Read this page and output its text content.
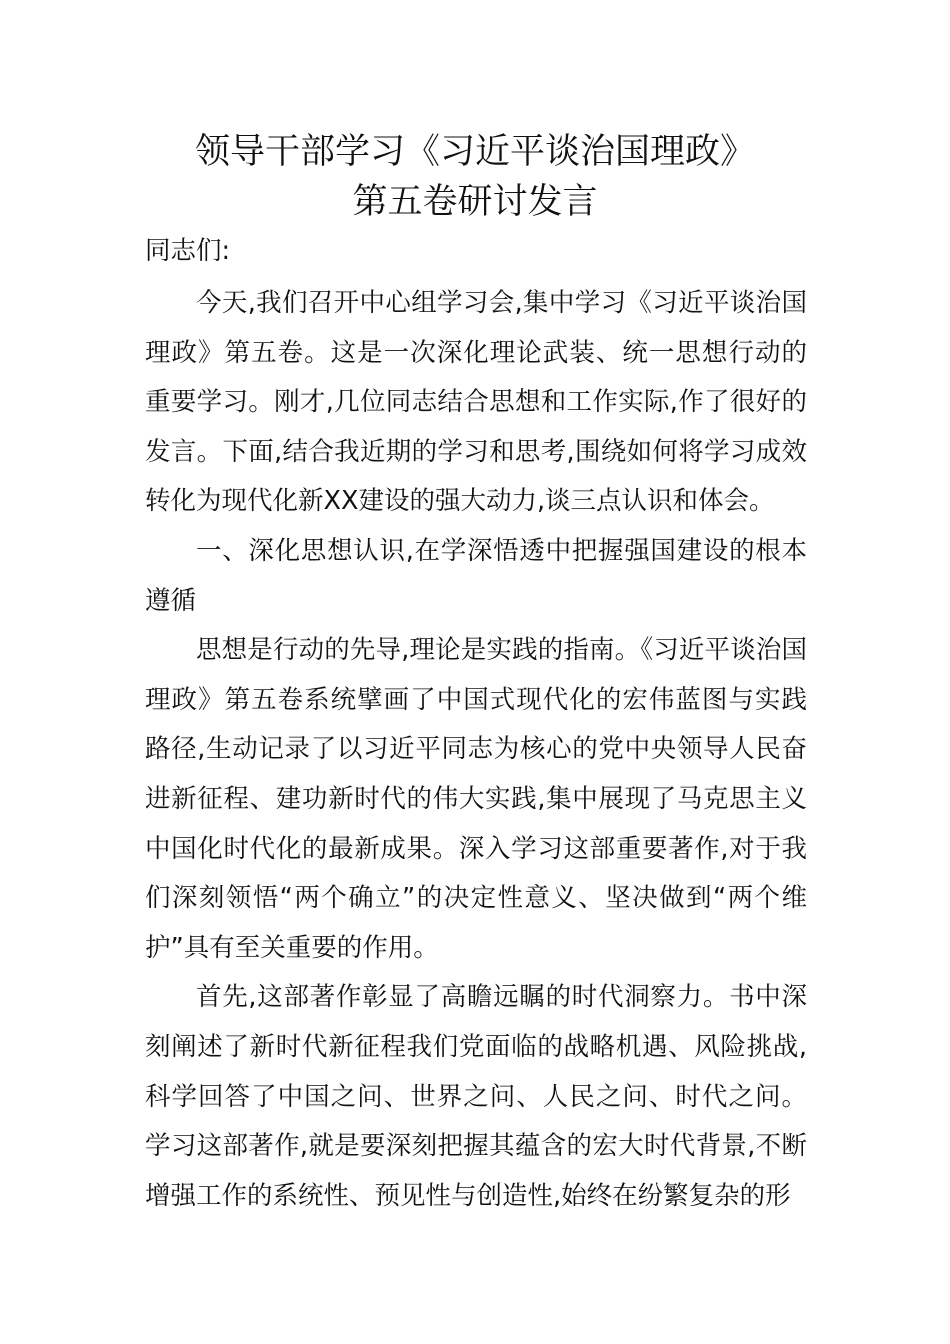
领导干部学习《习近平谈治国理政》
第五卷研讨发言
同志们:

今天,我们召开中心组学习会,集中学习《习近平谈治国理政》第五卷。这是一次深化理论武装、统一思想行动的重要学习。刚才,几位同志结合思想和工作实际,作了很好的发言。下面,结合我近期的学习和思考,围绕如何将学习成效转化为现代化新XX建设的强大动力,谈三点认识和体会。

一、深化思想认识,在学深悟透中把握强国建设的根本遵循

思想是行动的先导,理论是实践的指南。《习近平谈治国理政》第五卷系统擘画了中国式现代化的宏伟蓝图与实践路径,生动记录了以习近平同志为核心的党中央领导人民奋进新征程、建功新时代的伟大实践,集中展现了马克思主义中国化时代化的最新成果。深入学习这部重要著作,对于我们深刻领悟“两个确立”的决定性意义、坚决做到“两个维护”具有至关重要的作用。

首先,这部著作彰显了高瞻远瞩的时代洞察力。书中深刻阐述了新时代新征程我们党面临的战略机遇、风险挑战,科学回答了中国之问、世界之问、人民之问、时代之问。学习这部著作,就是要深刻把握其蕴含的宏大时代背景,不断增强工作的系统性、预见性与创造性,始终在纷繁复杂的形
